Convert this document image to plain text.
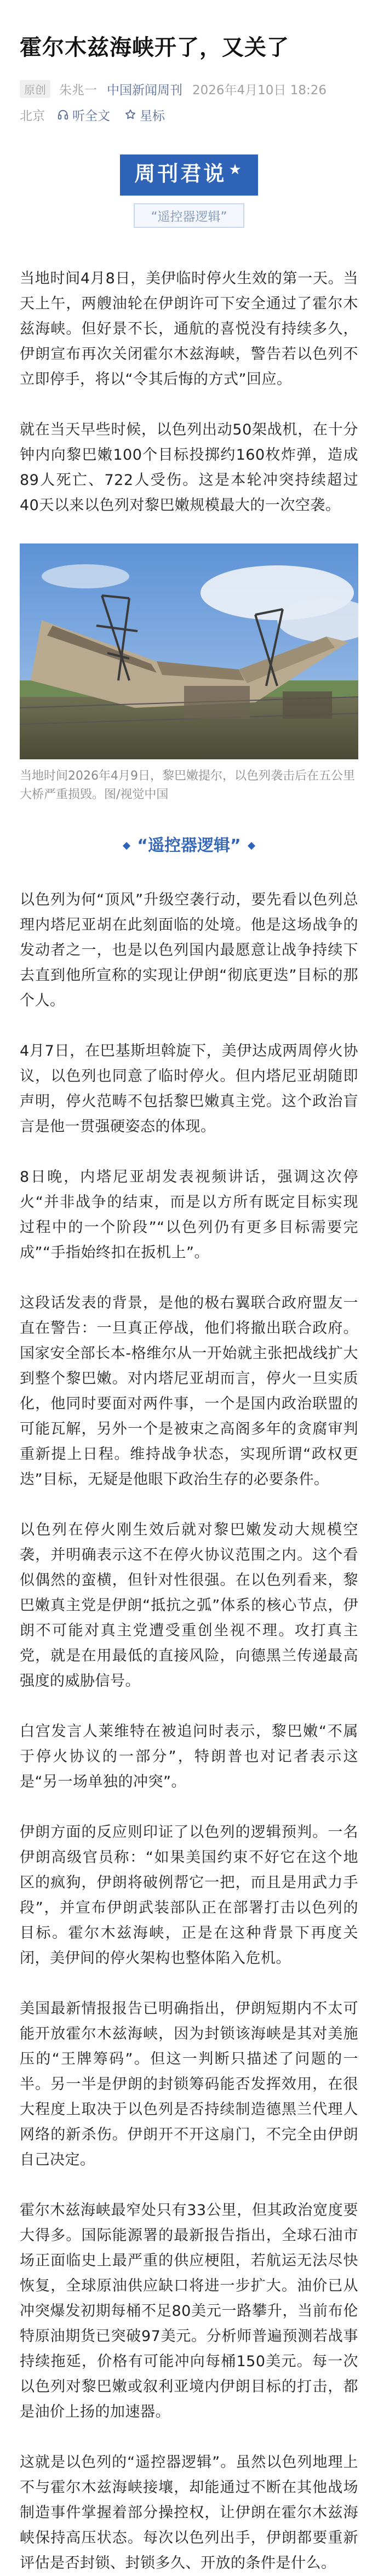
霍尔木兹海峡开了，又关了
原创	朱兆一 中国新闻周刊 2026年4月10日 18:26
北京 听全文 星标
周刊君说 ★
“遥控器逻辑”

当地时间4月8日，美伊临时停火生效的第一天。当天上午，两艘油轮在伊朗许可下安全通过了霍尔木兹海峡。但好景不长，通航的喜悦没有持续多久，伊朗宣布再次关闭霍尔木兹海峡，警告若以色列不立即停手，将以“令其后悔的方式”回应。

就在当天早些时候，以色列出动50架战机，在十分钟内向黎巴嫩100个目标投掷约160枚炸弹，造成89人死亡、722人受伤。这是本轮冲突持续超过40天以来以色列对黎巴嫩规模最大的一次空袭。

当地时间2026年4月9日，黎巴嫩提尔，以色列袭击后在五公里大桥严重损毁。图/视觉中国

“遥控器逻辑”

以色列为何“顶风”升级空袭行动，要先看以色列总理内塔尼亚胡在此刻面临的处境。他是这场战争的发动者之一，也是以色列国内最愿意让战争持续下去直到他所宣称的实现让伊朗“彻底更迭”目标的那个人。

4月7日，在巴基斯坦斡旋下，美伊达成两周停火协议，以色列也同意了临时停火。但内塔尼亚胡随即声明，停火范畴不包括黎巴嫩真主党。这个政治盲言是他一贯强硬姿态的体现。

8日晚，内塔尼亚胡发表视频讲话，强调这次停火“并非战争的结束，而是以方所有既定目标实现过程中的一个阶段”“以色列仍有更多目标需要完成”“手指始终扣在扳机上”。

这段话发表的背景，是他的极右翼联合政府盟友一直在警告：一旦真正停战，他们将撤出联合政府。国家安全部长本-格维尔从一开始就主张把战线扩大到整个黎巴嫩。对内塔尼亚胡而言，停火一旦实质化，他同时要面对两件事，一个是国内政治联盟的可能瓦解，另外一个是被束之高阁多年的贪腐审判重新提上日程。维持战争状态，实现所谓“政权更迭”目标，无疑是他眼下政治生存的必要条件。

以色列在停火刚生效后就对黎巴嫩发动大规模空袭，并明确表示这不在停火协议范围之内。这个看似偶然的蛮横，但针对性很强。在以色列看来，黎巴嫩真主党是伊朗“抵抗之弧”体系的核心节点，伊朗不可能对真主党遭受重创坐视不理。攻打真主党，就是在用最低的直接风险，向德黑兰传递最高强度的威胁信号。

白宫发言人莱维特在被追问时表示，黎巴嫩“不属于停火协议的一部分”，特朗普也对记者表示这是“另一场单独的冲突”。

伊朗方面的反应则印证了以色列的逻辑预判。一名伊朗高级官员称：“如果美国约束不好它在这个地区的疯狗，伊朗将破例帮它一把，而且是用武力手段”，并宣布伊朗武装部队正在部署打击以色列的目标。霍尔木兹海峡，正是在这种背景下再度关闭，美伊间的停火架构也整体陷入危机。

美国最新情报报告已明确指出，伊朗短期内不太可能开放霍尔木兹海峡，因为封锁该海峡是其对美施压的“王牌筹码”。但这一判断只描述了问题的一半。另一半是伊朗的封锁筹码能否发挥效用，在很大程度上取决于以色列是否持续制造德黑兰代理人网络的新杀伤。伊朗开不开这扇门，不完全由伊朗自己决定。

霍尔木兹海峡最窄处只有33公里，但其政治宽度要大得多。国际能源署的最新报告指出，全球石油市场正面临史上最严重的供应梗阻，若航运无法尽快恢复，全球原油供应缺口将进一步扩大。油价已从冲突爆发初期每桶不足80美元一路攀升，当前布伦特原油期货已突破97美元。分析师普遍预测若战事持续拖延，价格有可能冲向每桶150美元。每一次以色列对黎巴嫩或叙利亚境内伊朗目标的打击，都是油价上扬的加速器。

这就是以色列的“遥控器逻辑”。虽然以色列地理上不与霍尔木兹海峡接壤，却能通过不断在其他战场制造事件掌握着部分操控权，让伊朗在霍尔木兹海峡保持高压状态。每次以色列出手，伊朗都要重新评估是否封锁、封锁多久、开放的条件是什么。
